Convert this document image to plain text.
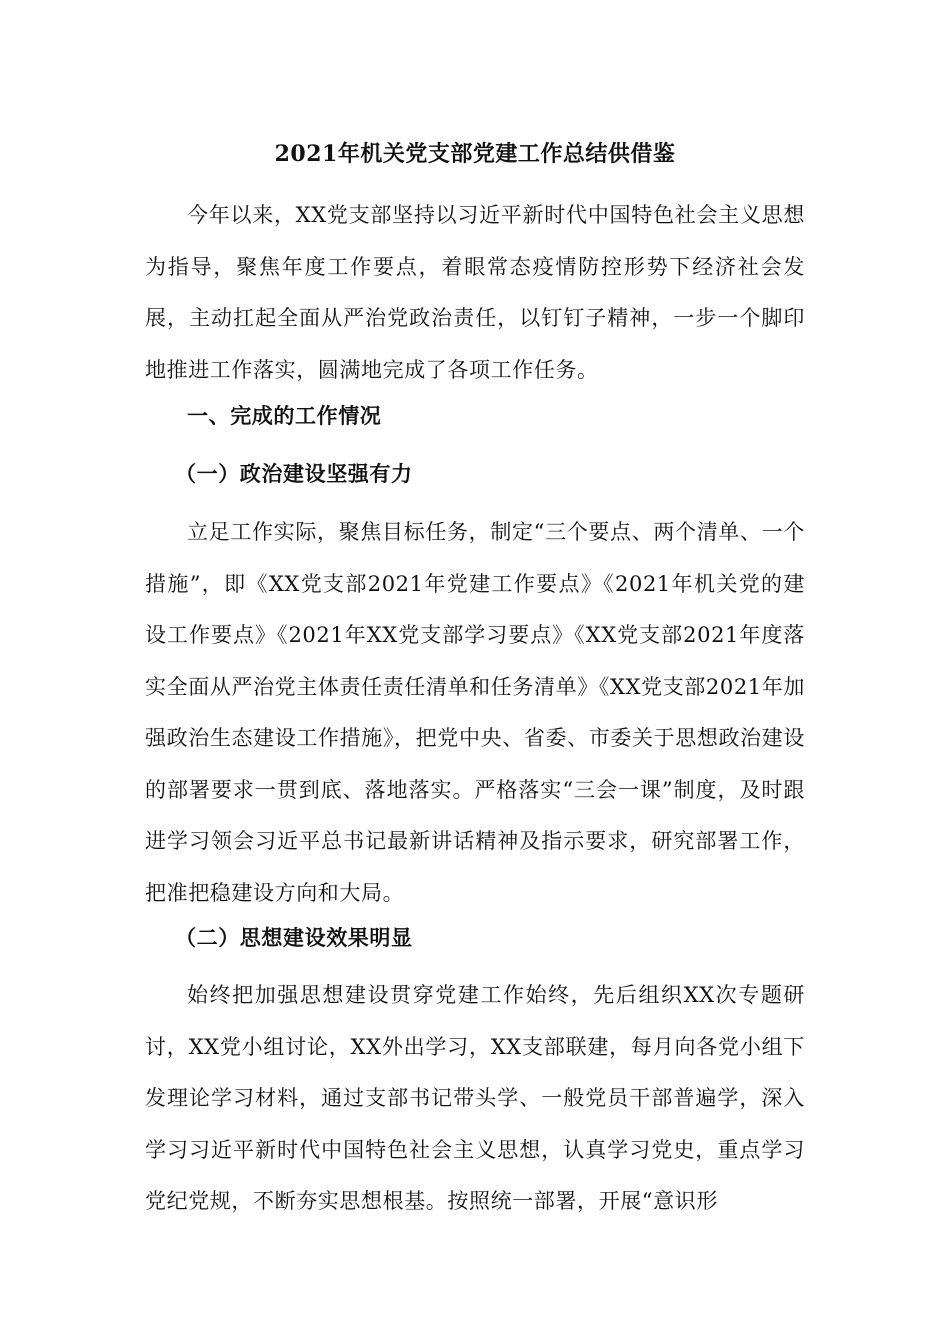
2021年机关党支部党建工作总结供借鉴

今年以来，XX党支部坚持以习近平新时代中国特色社会主义思想为指导，聚焦年度工作要点，着眼常态疫情防控形势下经济社会发展，主动扛起全面从严治党政治责任，以钉钉子精神，一步一个脚印地推进工作落实，圆满地完成了各项工作任务。

一、完成的工作情况

（一）政治建设坚强有力

立足工作实际，聚焦目标任务，制定“三个要点、两个清单、一个措施”，即《XX党支部2021年党建工作要点》《2021年机关党的建设工作要点》《2021年XX党支部学习要点》《XX党支部2021年度落实全面从严治党主体责任责任清单和任务清单》《XX党支部2021年加强政治生态建设工作措施》，把党中央、省委、市委关于思想政治建设的部署要求一贯到底、落地落实。严格落实“三会一课”制度，及时跟进学习领会习近平总书记最新讲话精神及指示要求，研究部署工作，把准把稳建设方向和大局。

（二）思想建设效果明显

始终把加强思想建设贯穿党建工作始终，先后组织XX次专题研讨，XX党小组讨论，XX外出学习，XX支部联建，每月向各党小组下发理论学习材料，通过支部书记带头学、一般党员干部普遍学，深入学习习近平新时代中国特色社会主义思想，认真学习党史，重点学习党纪党规，不断夯实思想根基。按照统一部署，开展“意识形
